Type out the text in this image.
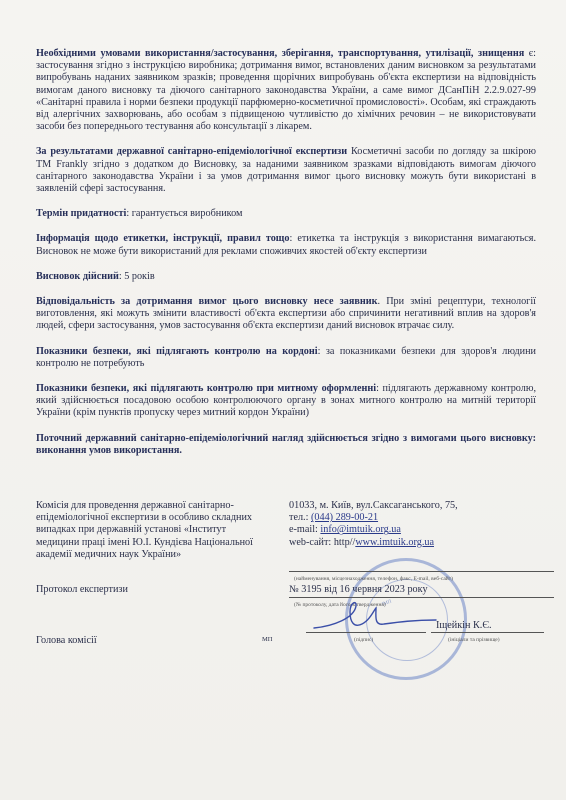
Необхідними умовами використання/застосування, зберігання, транспортування, утилізації, знищення є: застосування згідно з інструкцією виробника; дотримання вимог, встановлених даним висновком за результатами випробувань наданих заявником зразків; проведення щорічних випробувань об'єкта експертизи на відповідність вимогам даного висновку та діючого санітарного законодавства України, а саме вимог ДСанПіН 2.2.9.027-99 «Санітарні правила і норми безпеки продукції парфюмерно-косметичної промисловості». Особам, які страждають від алергічних захворювань, або особам з підвищеною чутливістю до хімічних речовин – не використовувати засоби без попереднього тестування або консультації з лікарем.

За результатами державної санітарно-епідеміологічної експертизи Косметичні засоби по догляду за шкірою ТМ Frankly згідно з додатком до Висновку, за наданими заявником зразками відповідають вимогам діючого санітарного законодавства України і за умов дотримання вимог цього висновку можуть бути використані в заявленій сфері застосування.

Термін придатності: гарантується виробником

Інформація щодо етикетки, інструкції, правил тощо: етикетка та інструкція з використання вимагаються. Висновок не може бути використаний для реклами споживчих якостей об'єкту експертизи

Висновок дійсний: 5 років

Відповідальність за дотримання вимог цього висновку несе заявник. При зміні рецептури, технології виготовлення, які можуть змінити властивості об'єкта експертизи або спричинити негативний вплив на здоров'я людей, сфери застосування, умов застосування об'єкта експертизи даний висновок втрачає силу.

Показники безпеки, які підлягають контролю на кордоні: за показниками безпеки для здоров'я людини контролю не потребують

Показники безпеки, які підлягають контролю при митному оформленні: підлягають державному контролю, який здійснюється посадовою особою контролюючого органу в зонах митного контролю на митній території України (крім пунктів пропуску через митний кордон України)

Поточний державний санітарно-епідеміологічний нагляд здійснюється згідно з вимогами цього висновку: виконання умов використання.

ІМП
Комісія для проведення державної санітарно-епідеміологічної експертизи в особливо складних випадках при державній установі «Інститут медицини праці імені Ю.І. Кундієва Національної академії медичних наук України»
01033, м. Київ, вул.Саксаганського, 75,
тел.: (044) 289-00-21
e-mail: info@imtuik.org.ua
web-сайт: http//www.imtuik.org.ua
(найменування, місцезнаходження, телефон, факс, E-mail, веб-сайт)
Протокол експертизи	№ 3195 від 16 червня 2023 року
(№ протоколу, дата його затвердження)
Голова комісії	МП	(підпис)
Іщейкін К.Є.
(ініціали та прізвище)
